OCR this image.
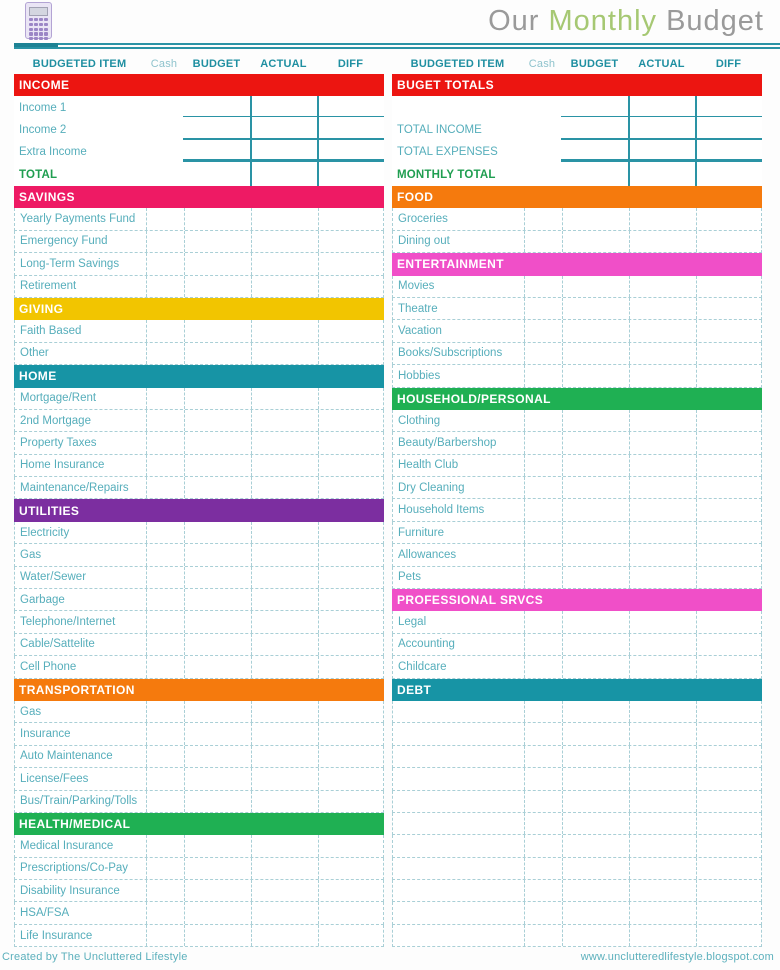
Our Monthly Budget
BUDGETED ITEM	Cash	BUDGET	ACTUAL	DIFF
INCOME
Income 1
Income 2
Extra Income
TOTAL
SAVINGS
Yearly Payments Fund
Emergency Fund
Long-Term Savings
Retirement
GIVING
Faith Based
Other
HOME
Mortgage/Rent
2nd Mortgage
Property Taxes
Home Insurance
Maintenance/Repairs
UTILITIES
Electricity
Gas
Water/Sewer
Garbage
Telephone/Internet
Cable/Sattelite
Cell Phone
TRANSPORTATION
Gas
Insurance
Auto Maintenance
License/Fees
Bus/Train/Parking/Tolls
HEALTH/MEDICAL
Medical Insurance
Prescriptions/Co-Pay
Disability Insurance
HSA/FSA
Life Insurance
BUDGETED ITEM	Cash	BUDGET	ACTUAL	DIFF
BUGET TOTALS
TOTAL INCOME
TOTAL EXPENSES
MONTHLY TOTAL
FOOD
Groceries
Dining out
ENTERTAINMENT
Movies
Theatre
Vacation
Books/Subscriptions
Hobbies
HOUSEHOLD/PERSONAL
Clothing
Beauty/Barbershop
Health Club
Dry Cleaning
Household Items
Furniture
Allowances
Pets
PROFESSIONAL SRVCS
Legal
Accounting
Childcare
DEBT
Created by The Uncluttered Lifestyle	www.unclutteredlifestyle.blogspot.com
